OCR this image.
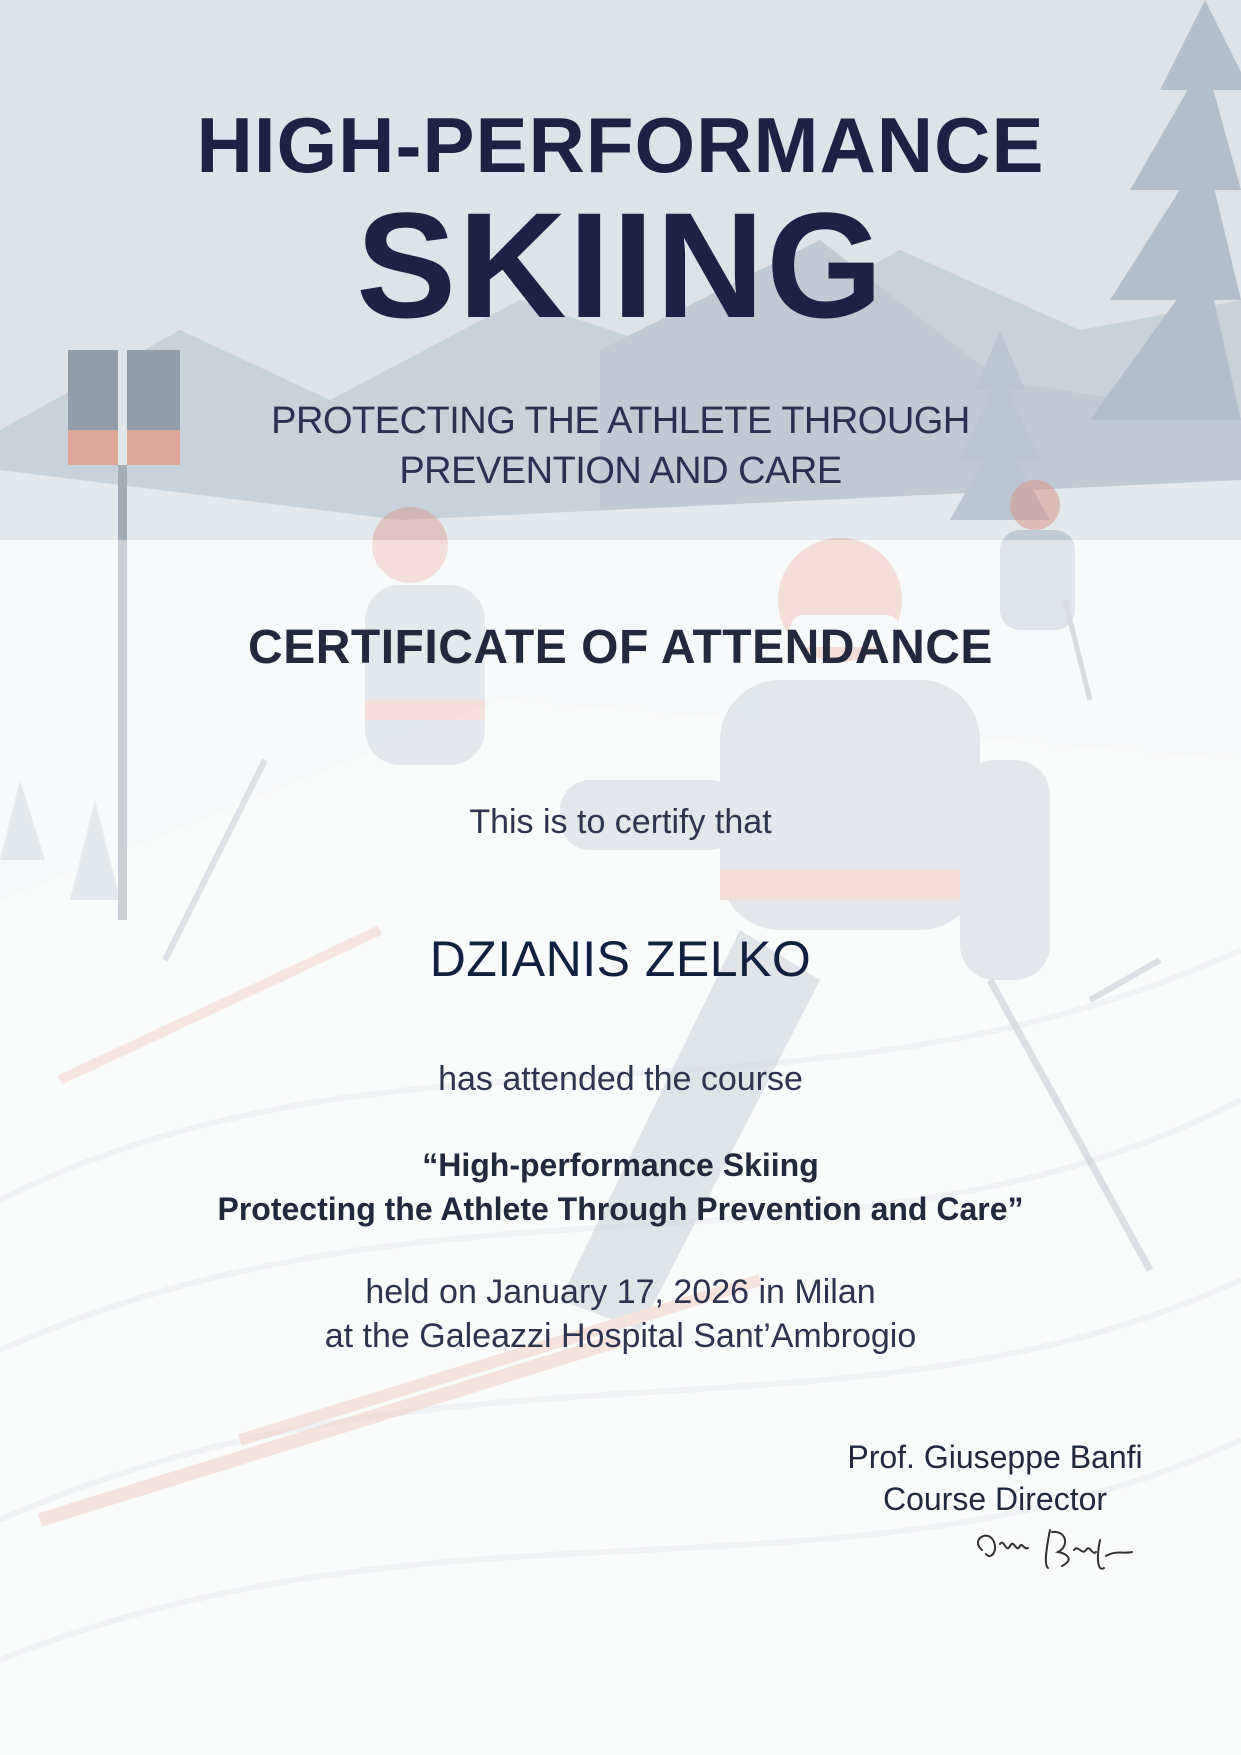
HIGH-PERFORMANCE
SKIING
PROTECTING THE ATHLETE THROUGH
PREVENTION AND CARE
CERTIFICATE OF ATTENDANCE

This is to certify that

DZIANIS ZELKO

has attended the course

“High-performance Skiing
Protecting the Athlete Through Prevention and Care”
held on January 17, 2026 in Milan
at the Galeazzi Hospital Sant’Ambrogio

Prof. Giuseppe Banfi

Course Director
